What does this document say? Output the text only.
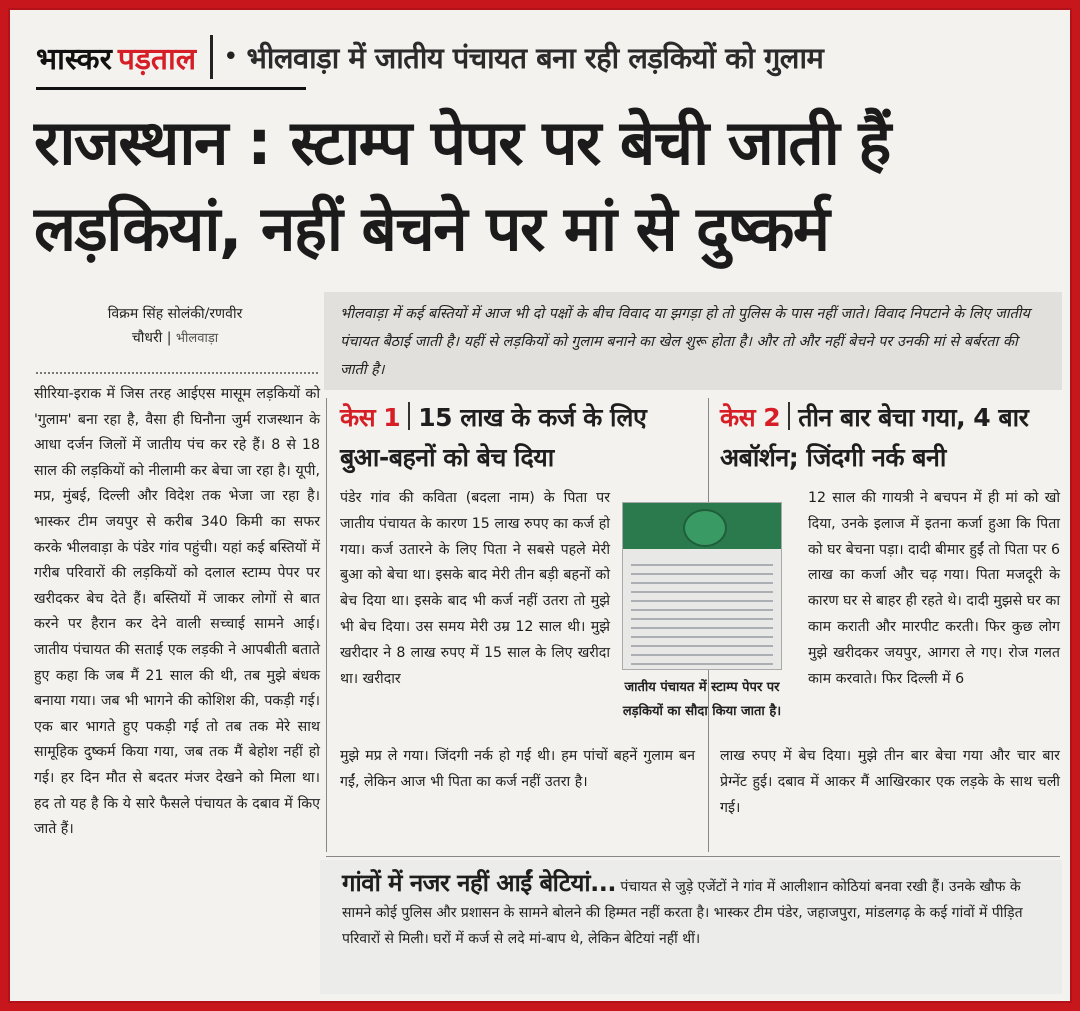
भास्कर पड़ताल • भीलवाड़ा में जातीय पंचायत बना रही लड़कियों को गुलाम
राजस्थान : स्टाम्प पेपर पर बेची जाती हैं
लड़कियां, नहीं बेचने पर मां से दुष्कर्म
विक्रम सिंह सोलंकी/रणवीर
चौधरी | भीलवाड़ा
भीलवाड़ा में कई बस्तियों में आज भी दो पक्षों के बीच विवाद या झगड़ा हो तो पुलिस के पास नहीं जाते। विवाद निपटाने के लिए जातीय पंचायत बैठाई जाती है। यहीं से लड़कियों को गुलाम बनाने का खेल शुरू होता है। और तो और नहीं बेचने पर उनकी मां से बर्बरता की जाती है।
सीरिया-इराक में जिस तरह आईएस मासूम लड़कियों को 'गुलाम' बना रहा है, वैसा ही घिनौना जुर्म राजस्थान के आधा दर्जन जिलों में जातीय पंच कर रहे हैं। 8 से 18 साल की लड़कियों को नीलामी कर बेचा जा रहा है। यूपी, मप्र, मुंबई, दिल्ली और विदेश तक भेजा जा रहा है। भास्कर टीम जयपुर से करीब 340 किमी का सफर करके भीलवाड़ा के पंडेर गांव पहुंची। यहां कई बस्तियों में गरीब परिवारों की लड़कियों को दलाल स्टाम्प पेपर पर खरीदकर बेच देते हैं। बस्तियों में जाकर लोगों से बात करने पर हैरान कर देने वाली सच्चाई सामने आई। जातीय पंचायत की सताई एक लड़की ने आपबीती बताते हुए कहा कि जब मैं 21 साल की थी, तब मुझे बंधक बनाया गया। जब भी भागने की कोशिश की, पकड़ी गई। एक बार भागते हुए पकड़ी गई तो तब तक मेरे साथ सामूहिक दुष्कर्म किया गया, जब तक मैं बेहोश नहीं हो गई। हर दिन मौत से बदतर मंजर देखने को मिला था। हद तो यह है कि ये सारे फैसले पंचायत के दबाव में किए जाते हैं।
केस 1 15 लाख के कर्ज के लिए बुआ-बहनों को बेच दिया
केस 2 तीन बार बेचा गया, 4 बार अबॉर्शन; जिंदगी नर्क बनी
पंडेर गांव की कविता (बदला नाम) के पिता पर जातीय पंचायत के कारण 15 लाख रुपए का कर्ज हो गया। कर्ज उतारने के लिए पिता ने सबसे पहले मेरी बुआ को बेचा था। इसके बाद मेरी तीन बड़ी बहनों को बेच दिया था। इसके बाद भी कर्ज नहीं उतरा तो मुझे भी बेच दिया। उस समय मेरी उम्र 12 साल थी। मुझे खरीदार ने 8 लाख रुपए में 15 साल के लिए खरीदा था। खरीदार
मुझे मप्र ले गया। जिंदगी नर्क हो गई थी। हम पांचों बहनें गुलाम बन गईं, लेकिन आज भी पिता का कर्ज नहीं उतरा है।
जातीय पंचायत में स्टाम्प पेपर पर लड़कियों का सौदा किया जाता है।
12 साल की गायत्री ने बचपन में ही मां को खो दिया, उनके इलाज में इतना कर्जा हुआ कि पिता को घर बेचना पड़ा। दादी बीमार हुईं तो पिता पर 6 लाख का कर्जा और चढ़ गया। पिता मजदूरी के कारण घर से बाहर ही रहते थे। दादी मुझसे घर का काम कराती और मारपीट करती। फिर कुछ लोग मुझे खरीदकर जयपुर, आगरा ले गए। रोज गलत काम करवाते। फिर दिल्ली में 6
लाख रुपए में बेच दिया। मुझे तीन बार बेचा गया और चार बार प्रेग्नेंट हुई। दबाव में आकर मैं आखिरकार एक लड़के के साथ चली गई।
गांवों में नजर नहीं आईं बेटियां... पंचायत से जुड़े एजेंटों ने गांव में आलीशान कोठियां बनवा रखी हैं। उनके खौफ के सामने कोई पुलिस और प्रशासन के सामने बोलने की हिम्मत नहीं करता है। भास्कर टीम पंडेर, जहाजपुरा, मांडलगढ़ के कई गांवों में पीड़ित परिवारों से मिली। घरों में कर्ज से लदे मां-बाप थे, लेकिन बेटियां नहीं थीं।
